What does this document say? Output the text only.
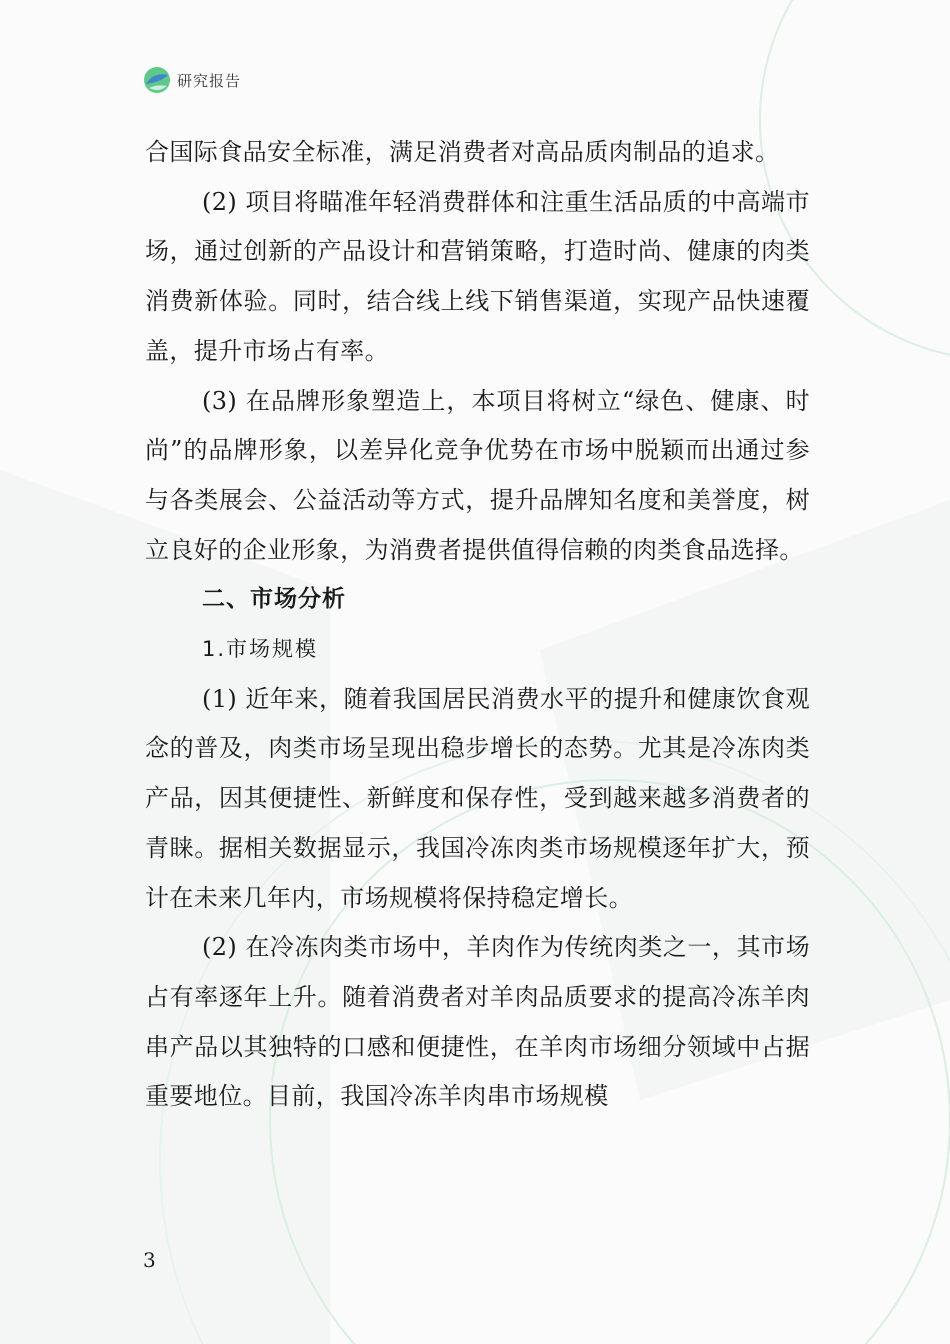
研究报告

合国际食品安全标准，满足消费者对高品质肉制品的追求。

(2) 项目将瞄准年轻消费群体和注重生活品质的中高端市场，通过创新的产品设计和营销策略，打造时尚、健康的肉类消费新体验。同时，结合线上线下销售渠道，实现产品快速覆盖，提升市场占有率。

(3) 在品牌形象塑造上，本项目将树立“绿色、健康、时尚”的品牌形象，以差异化竞争优势在市场中脱颖而出通过参与各类展会、公益活动等方式，提升品牌知名度和美誉度，树立良好的企业形象，为消费者提供值得信赖的肉类食品选择。

二、市场分析

1.市场规模

(1) 近年来，随着我国居民消费水平的提升和健康饮食观念的普及，肉类市场呈现出稳步增长的态势。尤其是冷冻肉类产品，因其便捷性、新鲜度和保存性，受到越来越多消费者的青睐。据相关数据显示，我国冷冻肉类市场规模逐年扩大，预计在未来几年内，市场规模将保持稳定增长。

(2) 在冷冻肉类市场中，羊肉作为传统肉类之一，其市场占有率逐年上升。随着消费者对羊肉品质要求的提高冷冻羊肉串产品以其独特的口感和便捷性，在羊肉市场细分领域中占据重要地位。目前，我国冷冻羊肉串市场规模

3
